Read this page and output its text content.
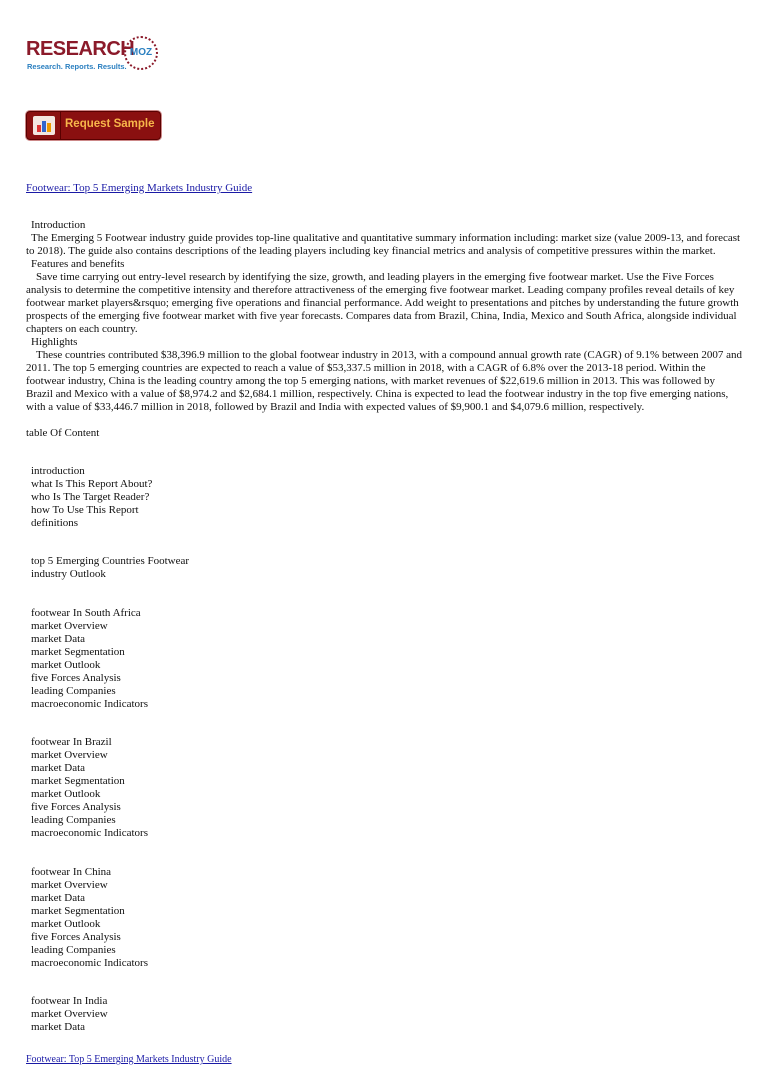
RESEARCH
MOZ
Research. Reports. Results.
Request Sample
Footwear: Top 5 Emerging Markets Industry Guide

Introduction

The Emerging 5 Footwear industry guide provides top-line qualitative and quantitative summary information including: market size (value 2009-13, and forecast to 2018). The guide also contains descriptions of the leading players including key financial metrics and analysis of competitive pressures within the market.

Features and benefits

Save time carrying out entry-level research by identifying the size, growth, and leading players in the emerging five footwear market. Use the Five Forces analysis to determine the competitive intensity and therefore attractiveness of the emerging five footwear market. Leading company profiles reveal details of key footwear market players&rsquo; emerging five operations and financial performance. Add weight to presentations and pitches by understanding the future growth prospects of the emerging five footwear market with five year forecasts. Compares data from Brazil, China, India, Mexico and South Africa, alongside individual chapters on each country.

Highlights

These countries contributed $38,396.9 million to the global footwear industry in 2013, with a compound annual growth rate (CAGR) of 9.1% between 2007 and 2011. The top 5 emerging countries are expected to reach a value of $53,337.5 million in 2018, with a CAGR of 6.8% over the 2013-18 period. Within the footwear industry, China is the leading country among the top 5 emerging nations, with market revenues of $22,619.6 million in 2013. This was followed by Brazil and Mexico with a value of $8,974.2 and $2,684.1 million, respectively. China is expected to lead the footwear industry in the top five emerging nations, with a value of $33,446.7 million in 2018, followed by Brazil and India with expected values of $9,900.1 and $4,079.6 million, respectively.

table Of Content

introduction
what Is This Report About?
who Is The Target Reader?
how To Use This Report
definitions
top 5 Emerging Countries Footwear
industry Outlook
footwear In South Africa
market Overview
market Data
market Segmentation
market Outlook
five Forces Analysis
leading Companies
macroeconomic Indicators
footwear In Brazil
market Overview
market Data
market Segmentation
market Outlook
five Forces Analysis
leading Companies
macroeconomic Indicators
footwear In China
market Overview
market Data
market Segmentation
market Outlook
five Forces Analysis
leading Companies
macroeconomic Indicators
footwear In India
market Overview
market Data
Footwear: Top 5 Emerging Markets Industry Guide
